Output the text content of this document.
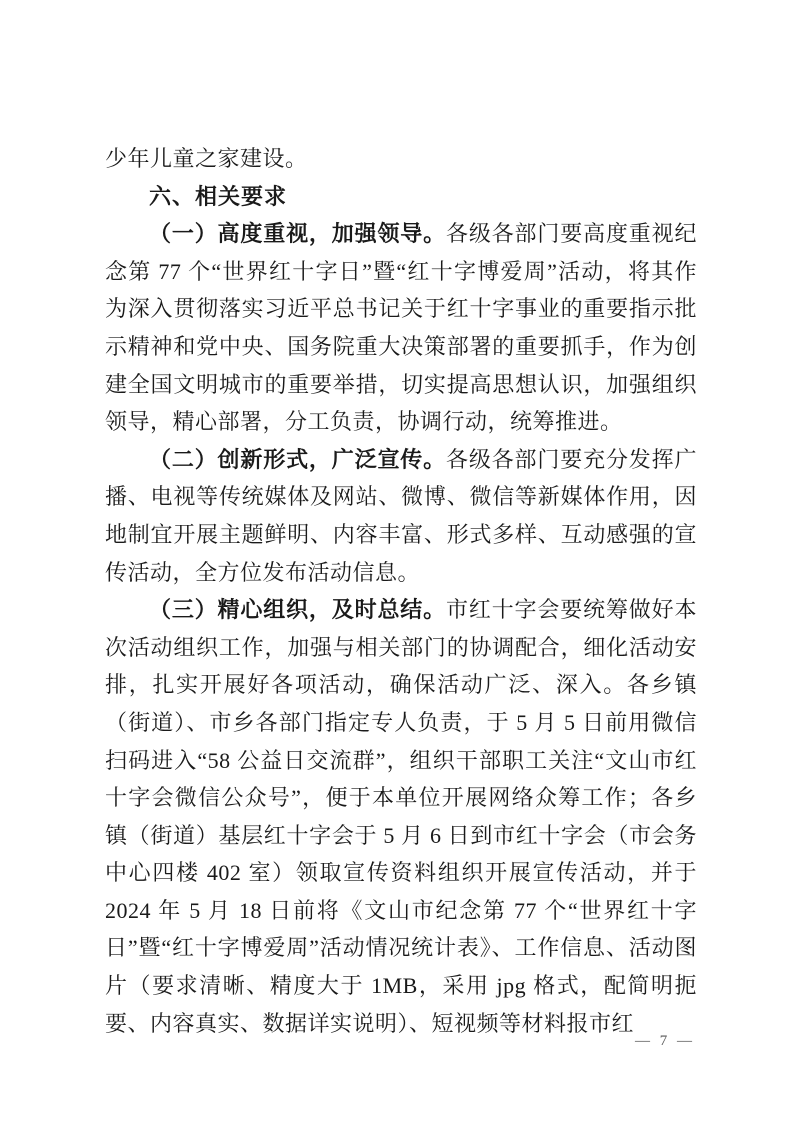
少年儿童之家建设。

六、相关要求

（一）高度重视，加强领导。各级各部门要高度重视纪念第 77 个“世界红十字日”暨“红十字博爱周”活动，将其作为深入贯彻落实习近平总书记关于红十字事业的重要指示批示精神和党中央、国务院重大决策部署的重要抓手，作为创建全国文明城市的重要举措，切实提高思想认识，加强组织领导，精心部署，分工负责，协调行动，统筹推进。

（二）创新形式，广泛宣传。各级各部门要充分发挥广播、电视等传统媒体及网站、微博、微信等新媒体作用，因地制宜开展主题鲜明、内容丰富、形式多样、互动感强的宣传活动，全方位发布活动信息。

（三）精心组织，及时总结。市红十字会要统筹做好本次活动组织工作，加强与相关部门的协调配合，细化活动安排，扎实开展好各项活动，确保活动广泛、深入。各乡镇（街道）、市乡各部门指定专人负责，于 5 月 5 日前用微信扫码进入“58 公益日交流群”，组织干部职工关注“文山市红十字会微信公众号”，便于本单位开展网络众筹工作；各乡镇（街道）基层红十字会于 5 月 6 日到市红十字会（市会务中心四楼 402 室）领取宣传资料组织开展宣传活动，并于 2024 年 5 月 18 日前将《文山市纪念第 77 个“世界红十字日”暨“红十字博爱周”活动情况统计表》、工作信息、活动图片（要求清晰、精度大于 1MB，采用 jpg 格式，配简明扼要、内容真实、数据详实说明）、短视频等材料报市红

— 7 —
